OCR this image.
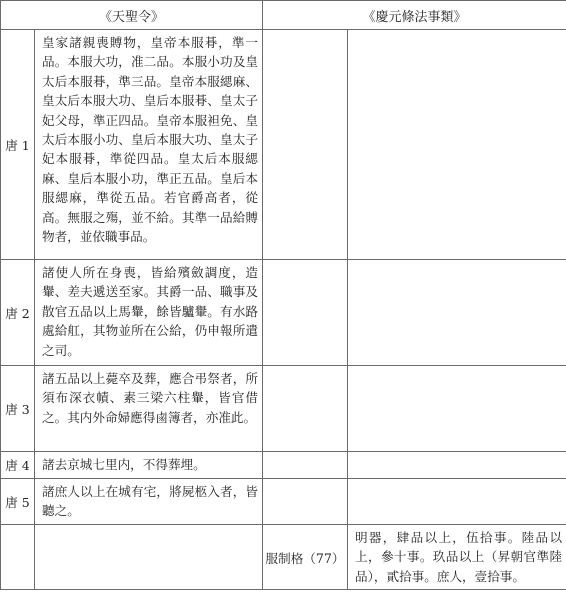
《天聖令》		《慶元條法事類》	
唐 1	皇家諸親喪賻物，皇帝本服朞，準一品。本服大功，准二品。本服小功及皇太后本服朞，準三品。皇帝本服緦麻、皇太后本服大功、皇后本服朞、皇太子妃父母，準正四品。皇帝本服袒免、皇太后本服小功、皇后本服大功、皇太子妃本服朞，準從四品。皇太后本服緦麻、皇后本服小功，準正五品。皇后本服緦麻，準從五品。若官爵高者，從高。無服之殤，並不給。其準一品給賻物者，並依職事品。		
唐 2	諸使人所在身喪，皆給殯斂調度，造轝、差夫遞送至家。其爵一品、職事及散官五品以上馬轝，餘皆驢轝。有水路處給舡，其物並所在公給，仍申報所遣之司。		
唐 3	諸五品以上薨卒及葬，應合弔祭者，所須布深衣幘、素三梁六柱轝，皆官借之。其内外命婦應得鹵簿者，亦准此。		
唐 4	諸去京城七里内，不得葬埋。		
唐 5	諸庶人以上在城有宅，將屍柩入者，皆聽之。		
		服制格（77）	明器，肆品以上，伍拾事。陸品以上，參十事。玖品以上（昇朝官準陸品），貳拾事。庶人，壹拾事。
